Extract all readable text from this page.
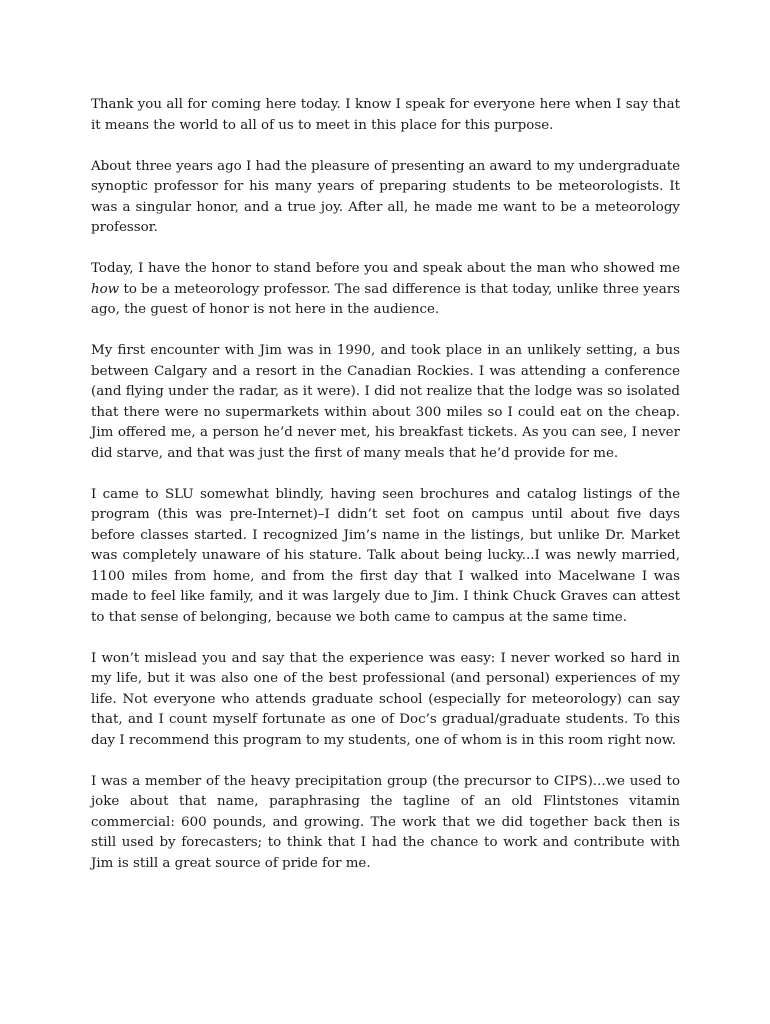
Thank you all for coming here today. I know I speak for everyone here when I say that it means the world to all of us to meet in this place for this purpose.

About three years ago I had the pleasure of presenting an award to my undergraduate synoptic professor for his many years of preparing students to be meteorologists. It was a singular honor, and a true joy. After all, he made me want to be a meteorology professor.

Today, I have the honor to stand before you and speak about the man who showed me how to be a meteorology professor. The sad difference is that today, unlike three years ago, the guest of honor is not here in the audience.

My first encounter with Jim was in 1990, and took place in an unlikely setting, a bus between Calgary and a resort in the Canadian Rockies. I was attending a conference (and flying under the radar, as it were). I did not realize that the lodge was so isolated that there were no supermarkets within about 300 miles so I could eat on the cheap. Jim offered me, a person he’d never met, his breakfast tickets. As you can see, I never did starve, and that was just the first of many meals that he’d provide for me.

I came to SLU somewhat blindly, having seen brochures and catalog listings of the program (this was pre-Internet)–I didn’t set foot on campus until about five days before classes started. I recognized Jim’s name in the listings, but unlike Dr. Market was completely unaware of his stature. Talk about being lucky...I was newly married, 1100 miles from home, and from the first day that I walked into Macelwane I was made to feel like family, and it was largely due to Jim. I think Chuck Graves can attest to that sense of belonging, because we both came to campus at the same time.

I won’t mislead you and say that the experience was easy: I never worked so hard in my life, but it was also one of the best professional (and personal) experiences of my life. Not everyone who attends graduate school (especially for meteorology) can say that, and I count myself fortunate as one of Doc’s gradual/graduate students. To this day I recommend this program to my students, one of whom is in this room right now.

I was a member of the heavy precipitation group (the precursor to CIPS)...we used to joke about that name, paraphrasing the tagline of an old Flintstones vitamin commercial: 600 pounds, and growing. The work that we did together back then is still used by forecasters; to think that I had the chance to work and contribute with Jim is still a great source of pride for me.
